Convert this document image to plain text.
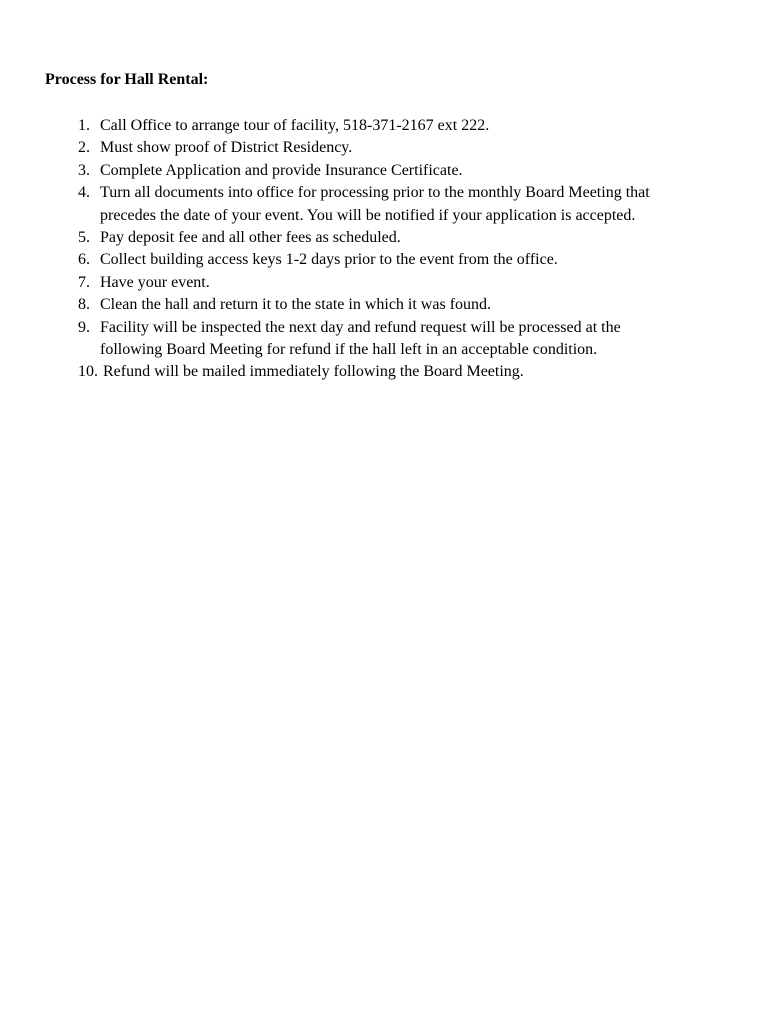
Process for Hall Rental:
1. Call Office to arrange tour of facility, 518-371-2167 ext 222.
2. Must show proof of District Residency.
3. Complete Application and provide Insurance Certificate.
4. Turn all documents into office for processing prior to the monthly Board Meeting that
precedes the date of your event. You will be notified if your application is accepted.
5. Pay deposit fee and all other fees as scheduled.
6. Collect building access keys 1-2 days prior to the event from the office.
7. Have your event.
8. Clean the hall and return it to the state in which it was found.
9. Facility will be inspected the next day and refund request will be processed at the
following Board Meeting for refund if the hall left in an acceptable condition.
10. Refund will be mailed immediately following the Board Meeting.
